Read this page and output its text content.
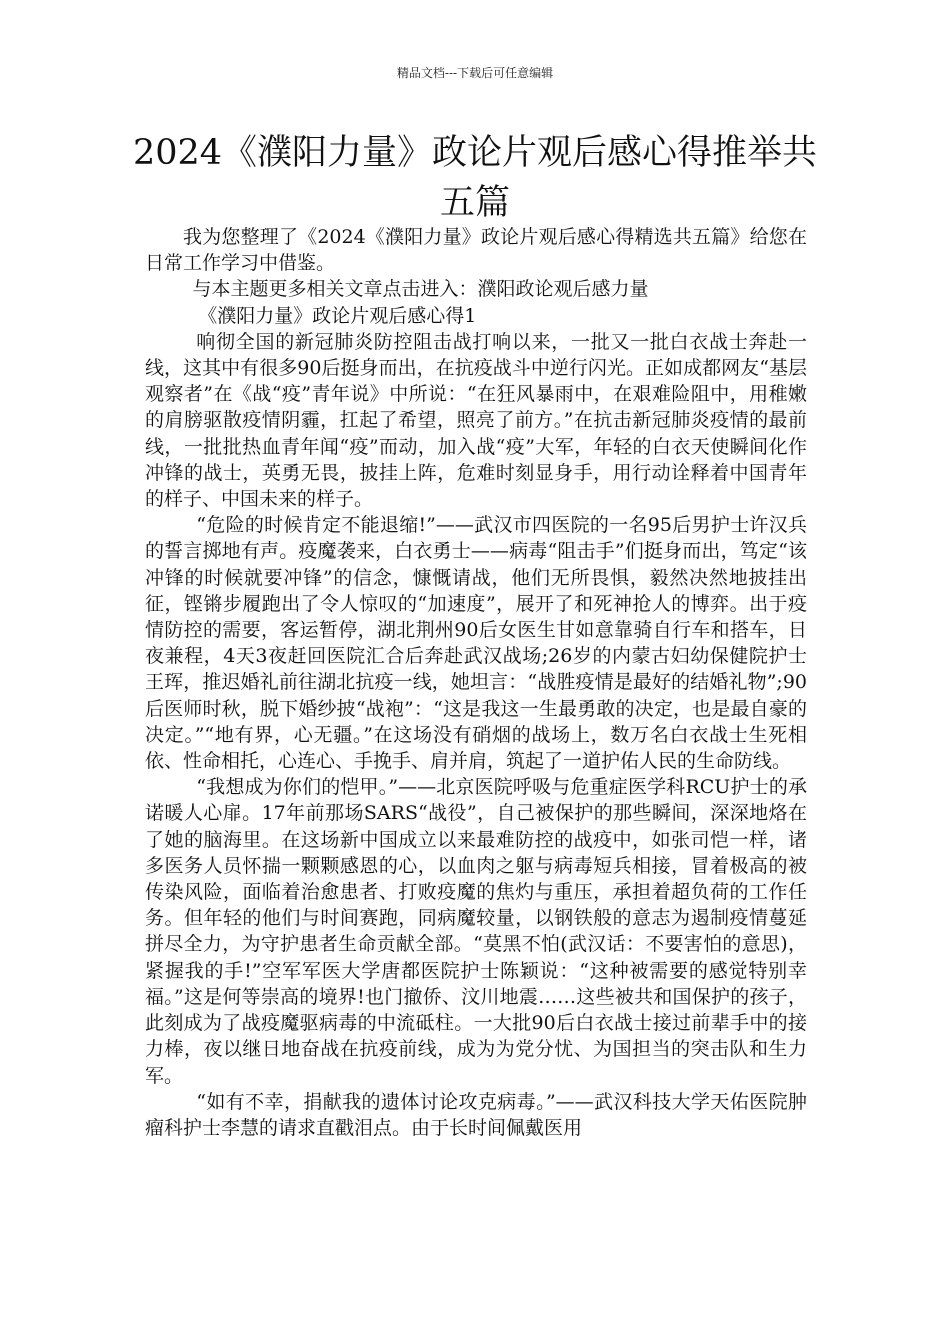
精品文档---下载后可任意编辑
2024《濮阳力量》政论片观后感心得推举共五篇

我为您整理了《2024《濮阳力量》政论片观后感心得精选共五篇》给您在日常工作学习中借鉴。

与本主题更多相关文章点击进入：濮阳政论观后感力量

《濮阳力量》政论片观后感心得1

响彻全国的新冠肺炎防控阻击战打响以来，一批又一批白衣战士奔赴一线，这其中有很多90后挺身而出，在抗疫战斗中逆行闪光。正如成都网友“基层观察者”在《战“疫”青年说》中所说：“在狂风暴雨中，在艰难险阻中，用稚嫩的肩膀驱散疫情阴霾，扛起了希望，照亮了前方。”在抗击新冠肺炎疫情的最前线，一批批热血青年闻“疫”而动，加入战“疫”大军，年轻的白衣天使瞬间化作冲锋的战士，英勇无畏，披挂上阵，危难时刻显身手，用行动诠释着中国青年的样子、中国未来的样子。

“危险的时候肯定不能退缩!”——武汉市四医院的一名95后男护士许汉兵的誓言掷地有声。疫魔袭来，白衣勇士——病毒“阻击手”们挺身而出，笃定“该冲锋的时候就要冲锋”的信念，慷慨请战，他们无所畏惧，毅然决然地披挂出征，铿锵步履跑出了令人惊叹的“加速度”，展开了和死神抢人的博弈。出于疫情防控的需要，客运暂停，湖北荆州90后女医生甘如意靠骑自行车和搭车，日夜兼程，4天3夜赶回医院汇合后奔赴武汉战场;26岁的内蒙古妇幼保健院护士王珲，推迟婚礼前往湖北抗疫一线，她坦言：“战胜疫情是最好的结婚礼物”;90后医师时秋，脱下婚纱披“战袍”：“这是我这一生最勇敢的决定，也是最自豪的决定。”“地有界，心无疆。”在这场没有硝烟的战场上，数万名白衣战士生死相依、性命相托，心连心、手挽手、肩并肩，筑起了一道护佑人民的生命防线。

“我想成为你们的恺甲。”——北京医院呼吸与危重症医学科RCU护士的承诺暖人心扉。17年前那场SARS“战役”，自己被保护的那些瞬间，深深地烙在了她的脑海里。在这场新中国成立以来最难防控的战疫中，如张司恺一样，诸多医务人员怀揣一颗颗感恩的心，以血肉之躯与病毒短兵相接，冒着极高的被传染风险，面临着治愈患者、打败疫魔的焦灼与重压，承担着超负荷的工作任务。但年轻的他们与时间赛跑，同病魔较量，以钢铁般的意志为遏制疫情蔓延拼尽全力，为守护患者生命贡献全部。“莫黑不怕(武汉话：不要害怕的意思)，紧握我的手!”空军军医大学唐都医院护士陈颖说：“这种被需要的感觉特别幸福。”这是何等崇高的境界!也门撤侨、汶川地震……这些被共和国保护的孩子，此刻成为了战疫魔驱病毒的中流砥柱。一大批90后白衣战士接过前辈手中的接力棒，夜以继日地奋战在抗疫前线，成为为党分忧、为国担当的突击队和生力军。

“如有不幸，捐献我的遗体讨论攻克病毒。”——武汉科技大学天佑医院肿瘤科护士李慧的请求直戳泪点。由于长时间佩戴医用
